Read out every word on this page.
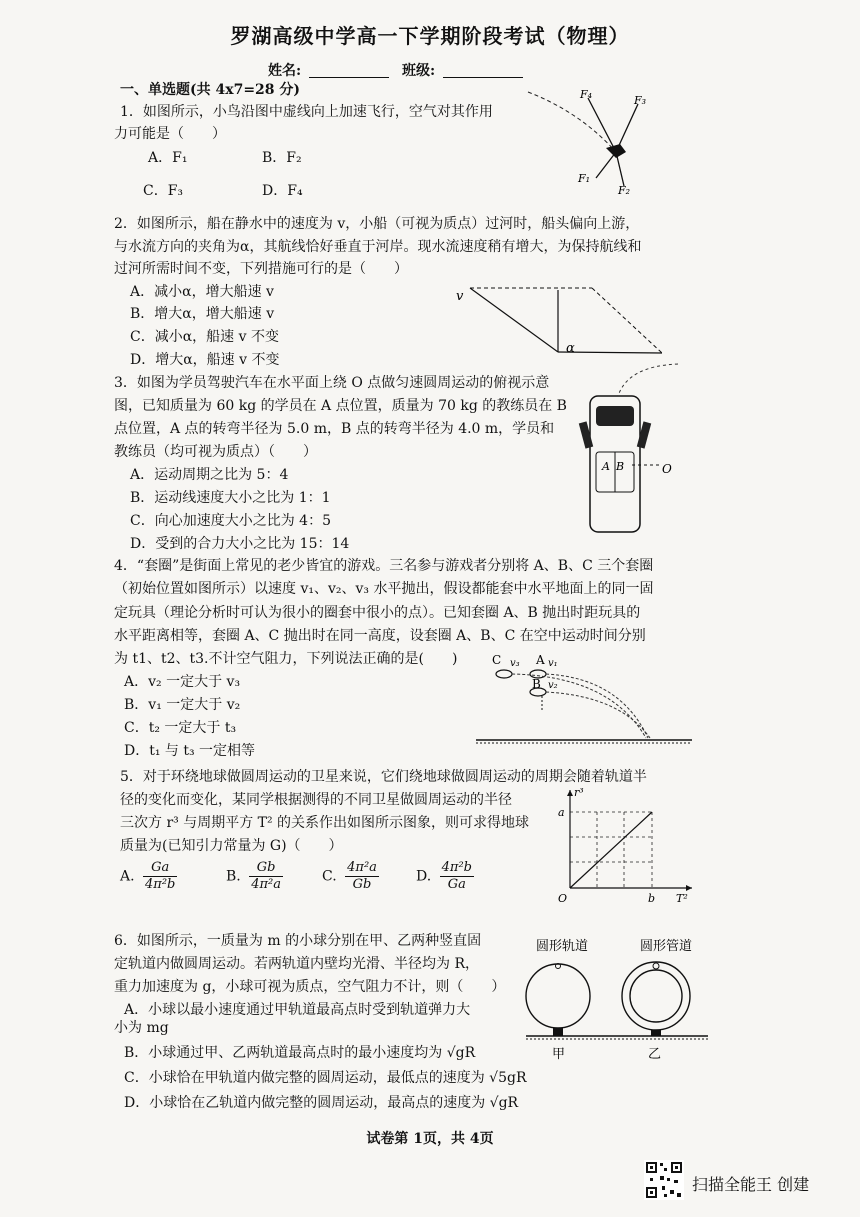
罗湖高级中学高一下学期阶段考试（物理）
姓名:	班级:
一、单选题(共 4x7=28 分)
1．如图所示，小鸟沿图中虚线向上加速飞行，空气对其作用
力可能是（　　）
A．F₁	B．F₂
C．F₃	D．F₄
F₄	F₃
F₁
F₂
2．如图所示，船在静水中的速度为 v，小船（可视为质点）过河时，船头偏向上游，
与水流方向的夹角为α，其航线恰好垂直于河岸。现水流速度稍有增大，为保持航线和
过河所需时间不变，下列措施可行的是（　　）
A．减小α，增大船速 v
B．增大α，增大船速 v
C．减小α，船速 v 不变
D．增大α，船速 v 不变
v
α
3．如图为学员驾驶汽车在水平面上绕 O 点做匀速圆周运动的俯视示意
图，已知质量为 60 kg 的学员在 A 点位置，质量为 70 kg 的教练员在 B
点位置，A 点的转弯半径为 5.0 m，B 点的转弯半径为 4.0 m，学员和
教练员（均可视为质点）（　　）
A．运动周期之比为 5：4
B．运动线速度大小之比为 1：1
C．向心加速度大小之比为 4：5
D．受到的合力大小之比为 15：14
A B	O
4．“套圈”是街面上常见的老少皆宜的游戏。三名参与游戏者分别将 A、B、C 三个套圈
（初始位置如图所示）以速度 v₁、v₂、v₃ 水平抛出，假设都能套中水平地面上的同一固
定玩具（理论分析时可认为很小的圈套中很小的点）。已知套圈 A、B 抛出时距玩具的
水平距离相等，套圈 A、C 抛出时在同一高度，设套圈 A、B、C 在空中运动时间分别
为 t1、t2、t3.不计空气阻力，下列说法正确的是(　　)
A．v₂ 一定大于 v₃
B．v₁ 一定大于 v₂
C．t₂ 一定大于 t₃
D．t₁ 与 t₃ 一定相等
C v₃ A v₁
B v₂
5．对于环绕地球做圆周运动的卫星来说，它们绕地球做圆周运动的周期会随着轨道半
径的变化而变化，某同学根据测得的不同卫星做圆周运动的半径
三次方 r³ 与周期平方 T² 的关系作出如图所示图象，则可求得地球
质量为(已知引力常量为 G)（　　）
A. $\frac{Ga}{\text{4π²b}}$	B. $\frac{Gb}{\text{4π²a}}$	C. $\frac{\text{4π²a}}{Gb}$	D. $\frac{\text{4π²b}}{Ga}$
r³
a
O	b T²
6．如图所示，一质量为 m 的小球分别在甲、乙两种竖直固
定轨道内做圆周运动。若两轨道内壁均光滑、半径均为 R，
重力加速度为 g，小球可视为质点，空气阻力不计，则（　　）
A．小球以最小速度通过甲轨道最高点时受到轨道弹力大
小为 mg
B．小球通过甲、乙两轨道最高点时的最小速度均为 √gR
C．小球恰在甲轨道内做完整的圆周运动，最低点的速度为 √5gR
D．小球恰在乙轨道内做完整的圆周运动，最高点的速度为 √gR
圆形轨道	圆形管道
甲	乙
试卷第 1页，共 4页
扫描全能王 创建
